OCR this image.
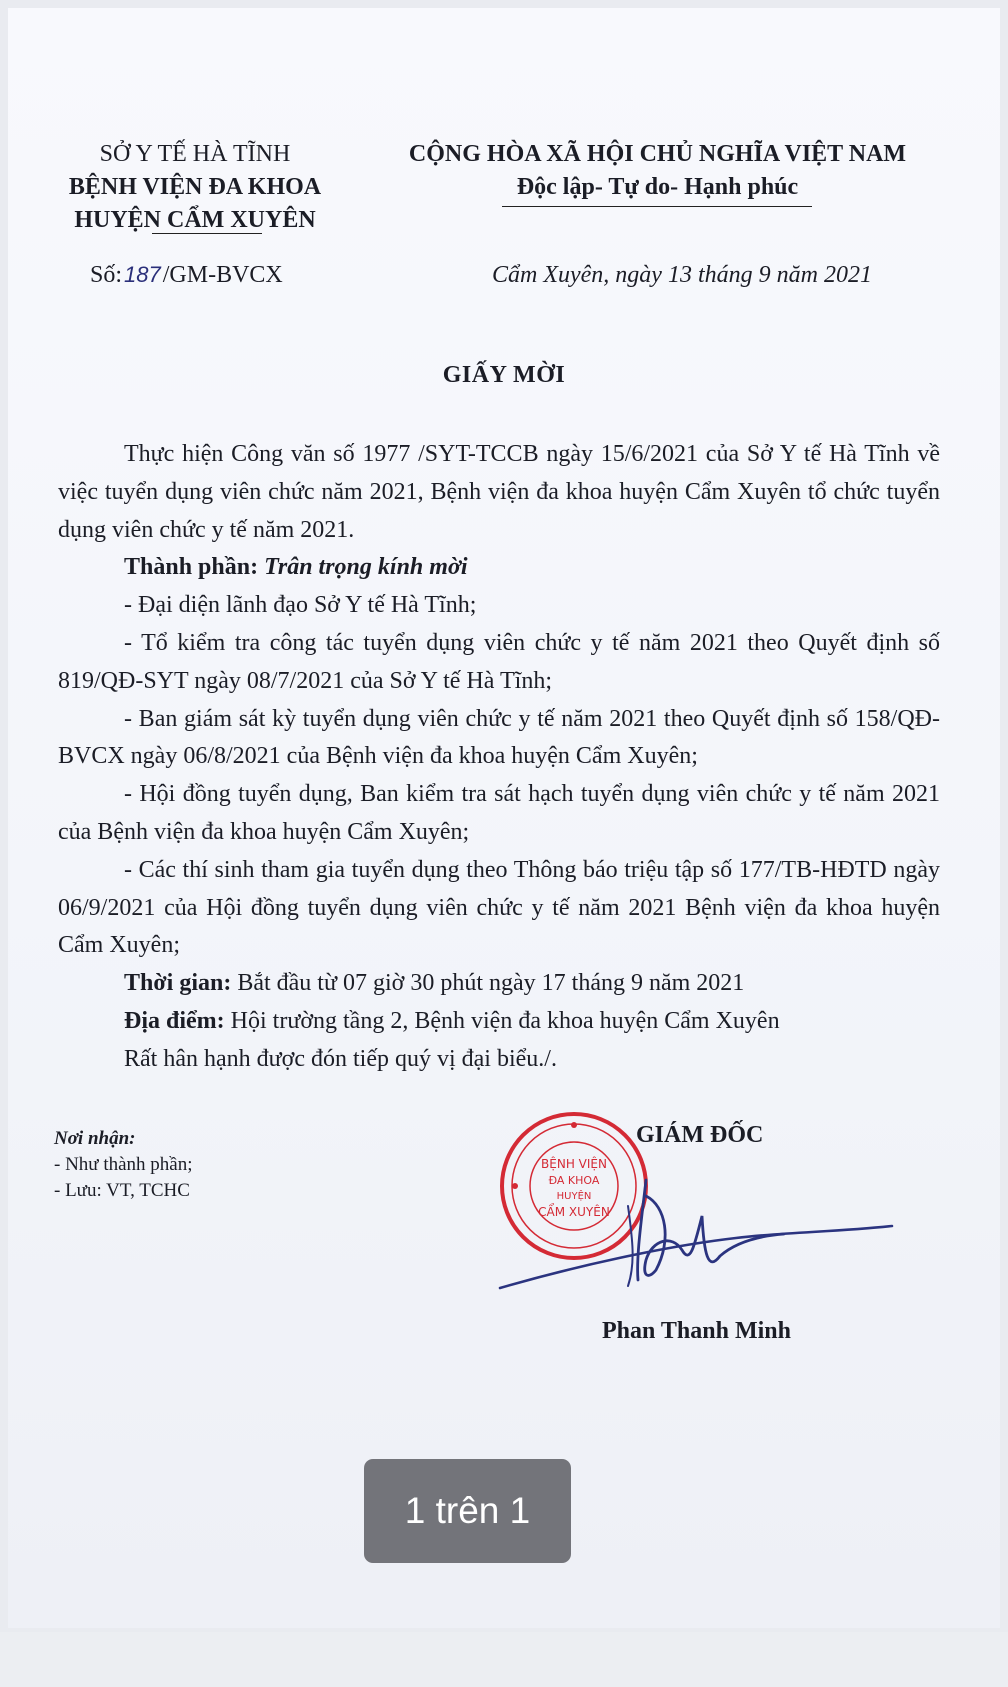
SỞ Y TẾ HÀ TĨNH
BỆNH VIỆN ĐA KHOA
HUYỆN CẨM XUYÊN
CỘNG HÒA XÃ HỘI CHỦ NGHĨA VIỆT NAM
Độc lập- Tự do- Hạnh phúc
Số:187/GM-BVCX	Cẩm Xuyên, ngày 13 tháng 9 năm 2021
GIẤY MỜI

Thực hiện Công văn số 1977 /SYT-TCCB ngày 15/6/2021 của Sở Y tế Hà Tĩnh về việc tuyển dụng viên chức năm 2021, Bệnh viện đa khoa huyện Cẩm Xuyên tổ chức tuyển dụng viên chức y tế năm 2021.

Thành phần: Trân trọng kính mời

- Đại diện lãnh đạo Sở Y tế Hà Tĩnh;

- Tổ kiểm tra công tác tuyển dụng viên chức y tế năm 2021 theo Quyết định số 819/QĐ-SYT ngày 08/7/2021 của Sở Y tế Hà Tĩnh;

- Ban giám sát kỳ tuyển dụng viên chức y tế năm 2021 theo Quyết định số 158/QĐ-BVCX ngày 06/8/2021 của Bệnh viện đa khoa huyện Cẩm Xuyên;

- Hội đồng tuyển dụng, Ban kiểm tra sát hạch tuyển dụng viên chức y tế năm 2021 của Bệnh viện đa khoa huyện Cẩm Xuyên;

- Các thí sinh tham gia tuyển dụng theo Thông báo triệu tập số 177/TB-HĐTD ngày 06/9/2021 của Hội đồng tuyển dụng viên chức y tế năm 2021 Bệnh viện đa khoa huyện Cẩm Xuyên;

Thời gian: Bắt đầu từ 07 giờ 30 phút ngày 17 tháng 9 năm 2021

Địa điểm: Hội trường tầng 2, Bệnh viện đa khoa huyện Cẩm Xuyên

Rất hân hạnh được đón tiếp quý vị đại biểu./.

Nơi nhận:
- Như thành phần;
- Lưu: VT, TCHC
BỆNH VIỆN
ĐA KHOA
HUYỆN
CẨM XUYÊN
GIÁM ĐỐC
Phan Thanh Minh
1 trên 1
